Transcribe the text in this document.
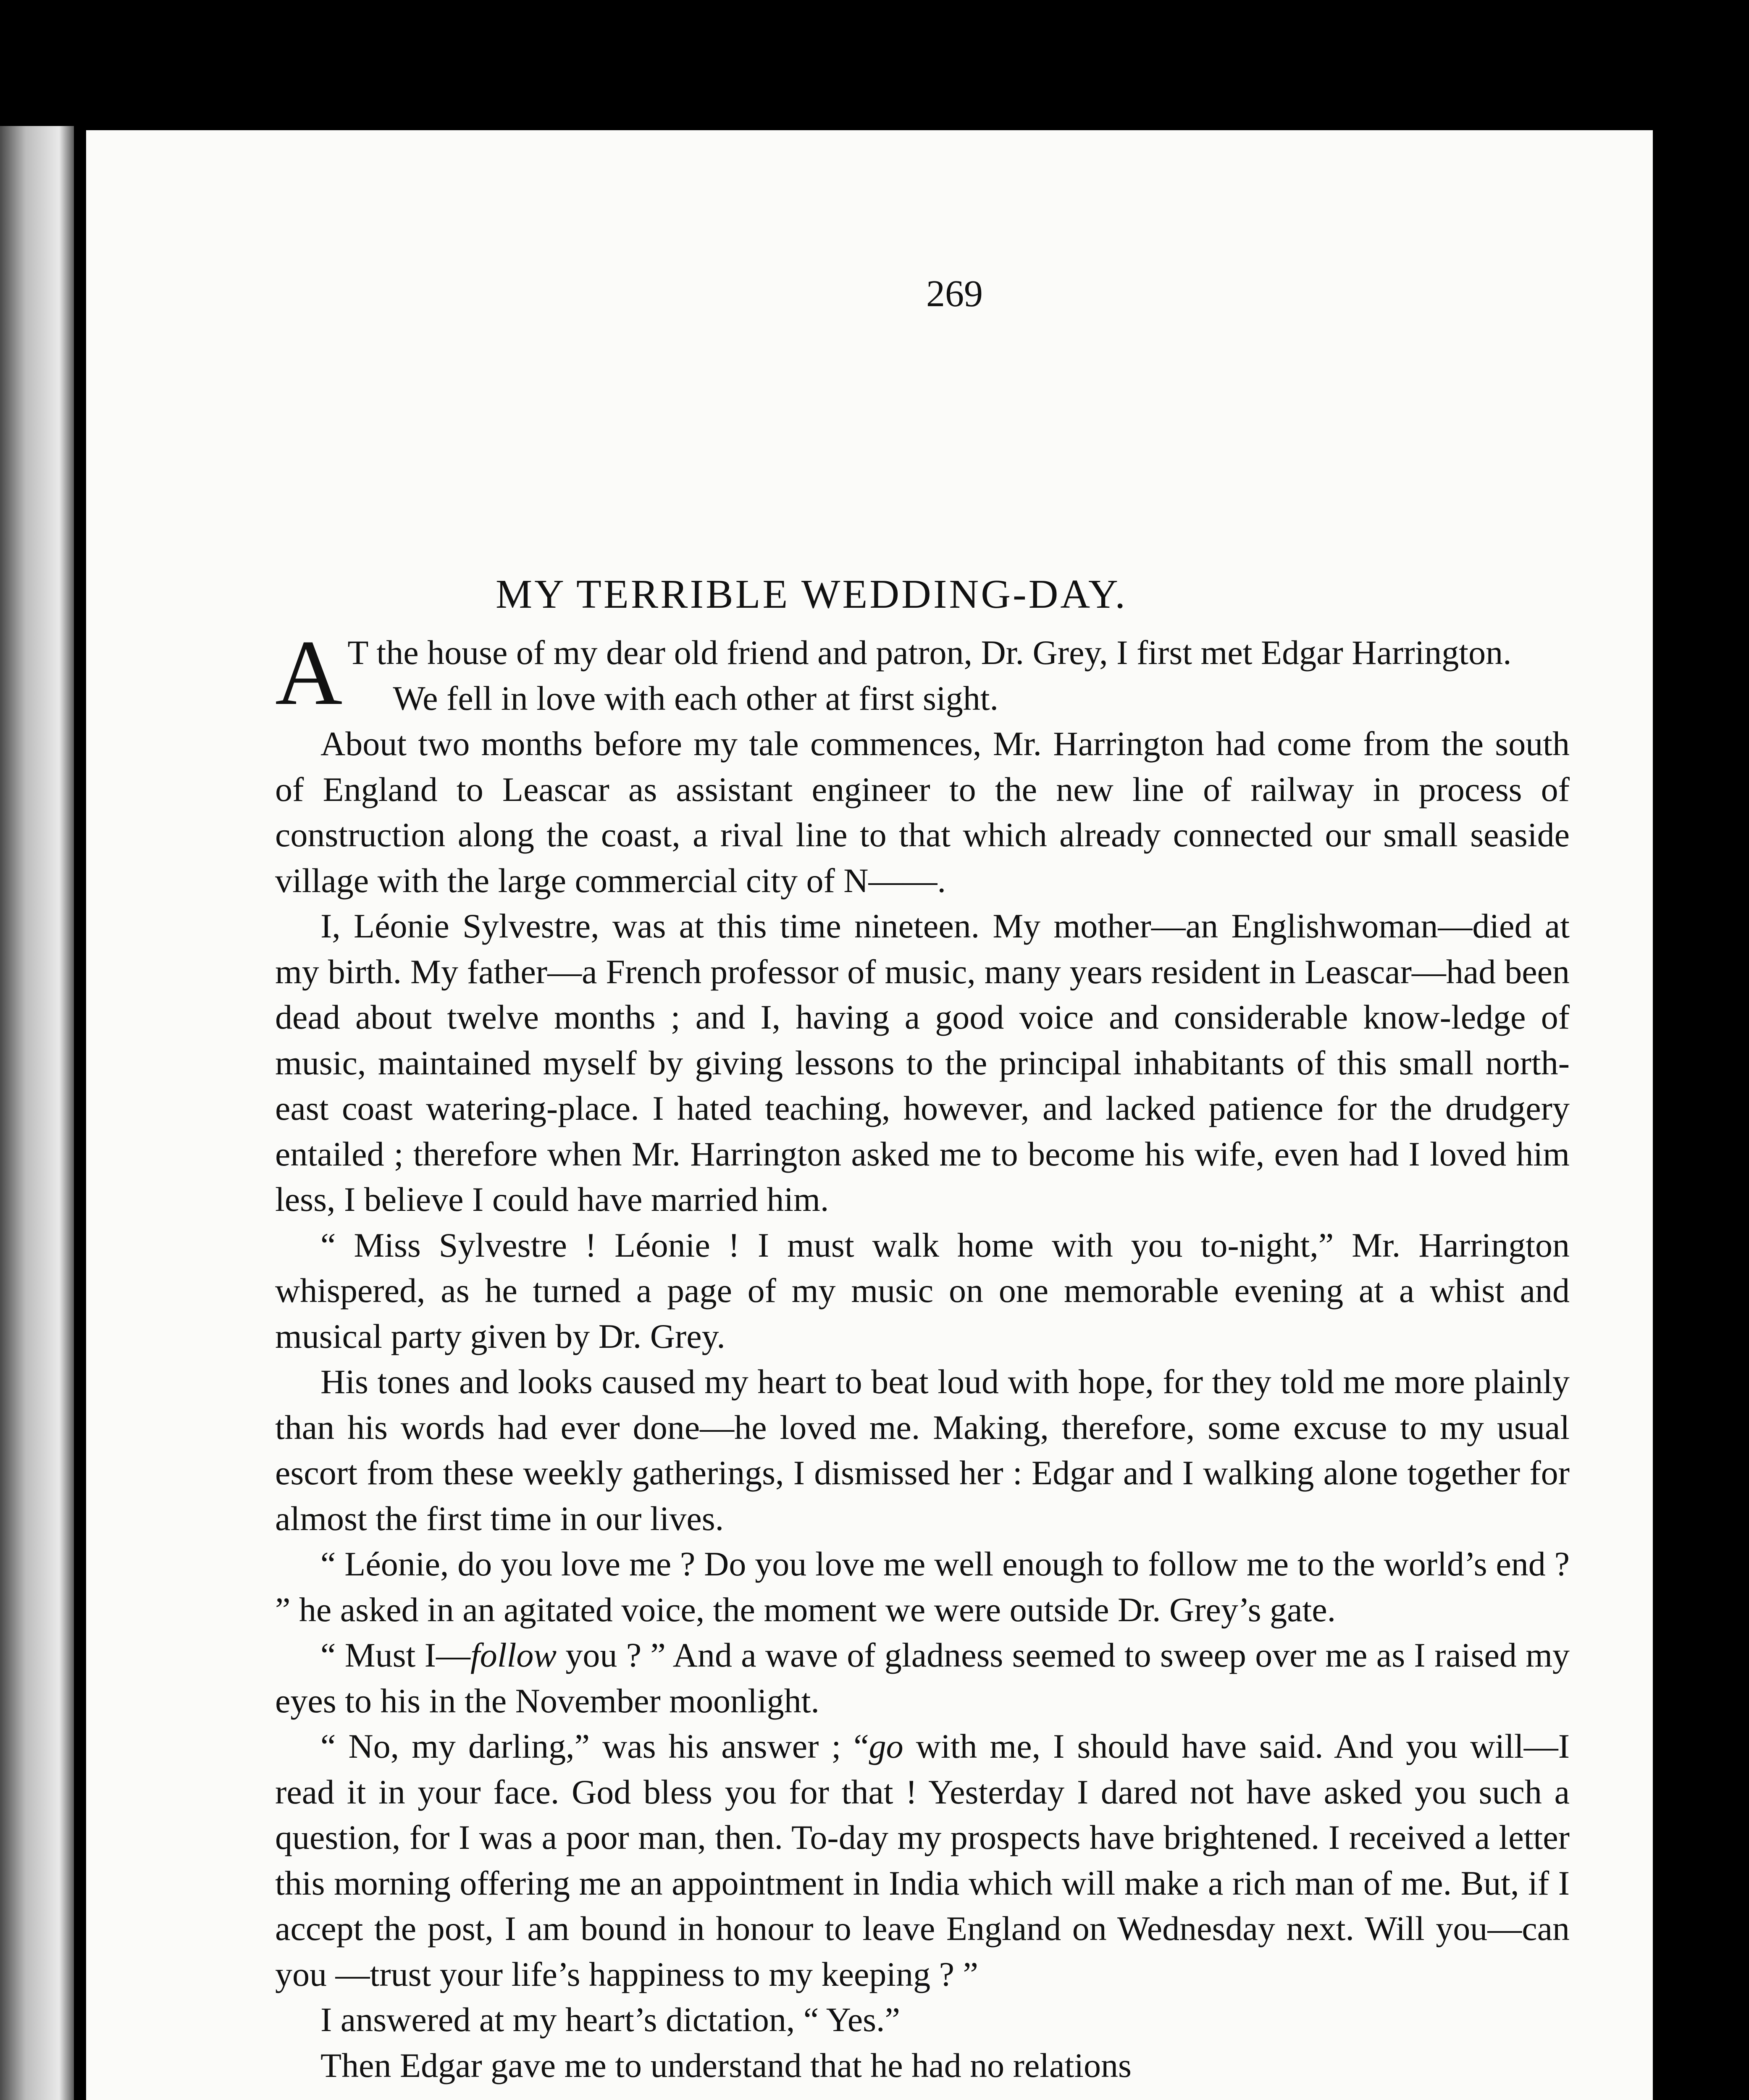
269
MY TERRIBLE WEDDING-DAY.

A T the house of my dear old friend and patron, Dr. Grey, I first met Edgar Harrington.

We fell in love with each other at first sight.

About two months before my tale commences, Mr. Harrington had come from the south of England to Leascar as assistant engineer to the new line of railway in process of construction along the coast, a rival line to that which already connected our small seaside village with the large commercial city of N——.

I, Léonie Sylvestre, was at this time nineteen. My mother—an Englishwoman—died at my birth. My father—a French professor of music, many years resident in Leascar—had been dead about twelve months ; and I, having a good voice and considerable know-ledge of music, maintained myself by giving lessons to the principal inhabitants of this small north-east coast watering-place. I hated teaching, however, and lacked patience for the drudgery entailed ; therefore when Mr. Harrington asked me to become his wife, even had I loved him less, I believe I could have married him.

“ Miss Sylvestre ! Léonie ! I must walk home with you to-night,” Mr. Harrington whispered, as he turned a page of my music on one memorable evening at a whist and musical party given by Dr. Grey.

His tones and looks caused my heart to beat loud with hope, for they told me more plainly than his words had ever done—he loved me. Making, therefore, some excuse to my usual escort from these weekly gatherings, I dismissed her : Edgar and I walking alone together for almost the first time in our lives.

“ Léonie, do you love me ? Do you love me well enough to follow me to the world’s end ? ” he asked in an agitated voice, the moment we were outside Dr. Grey’s gate.

“ Must I—follow you ? ” And a wave of gladness seemed to sweep over me as I raised my eyes to his in the November moonlight.

“ No, my darling,” was his answer ; “go with me, I should have said. And you will—I read it in your face. God bless you for that ! Yesterday I dared not have asked you such a question, for I was a poor man, then. To-day my prospects have brightened. I received a letter this morning offering me an appointment in India which will make a rich man of me. But, if I accept the post, I am bound in honour to leave England on Wednesday next. Will you—can you —trust your life’s happiness to my keeping ? ”

I answered at my heart’s dictation, “ Yes.”

Then Edgar gave me to understand that he had no relations
